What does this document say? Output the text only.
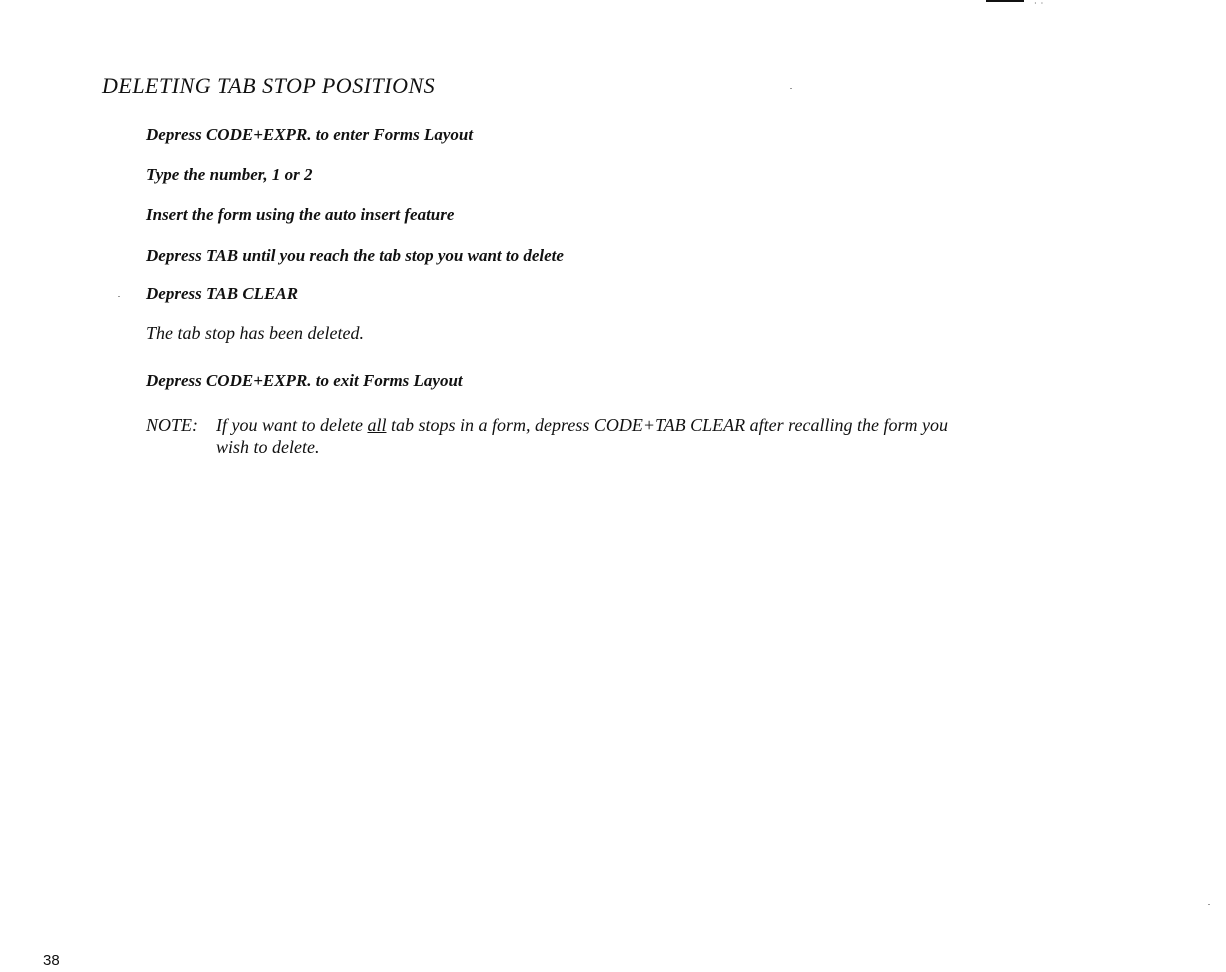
··
DELETING TAB STOP POSITIONS

Depress CODE+EXPR. to enter Forms Layout

Type the number, 1 or 2

Insert the form using the auto insert feature

Depress TAB until you reach the tab stop you want to delete

Depress TAB CLEAR

The tab stop has been deleted.

Depress CODE+EXPR. to exit Forms Layout

NOTE: If you want to delete all tab stops in a form, depress CODE+TAB CLEAR after recalling the form you
wish to delete.

38
